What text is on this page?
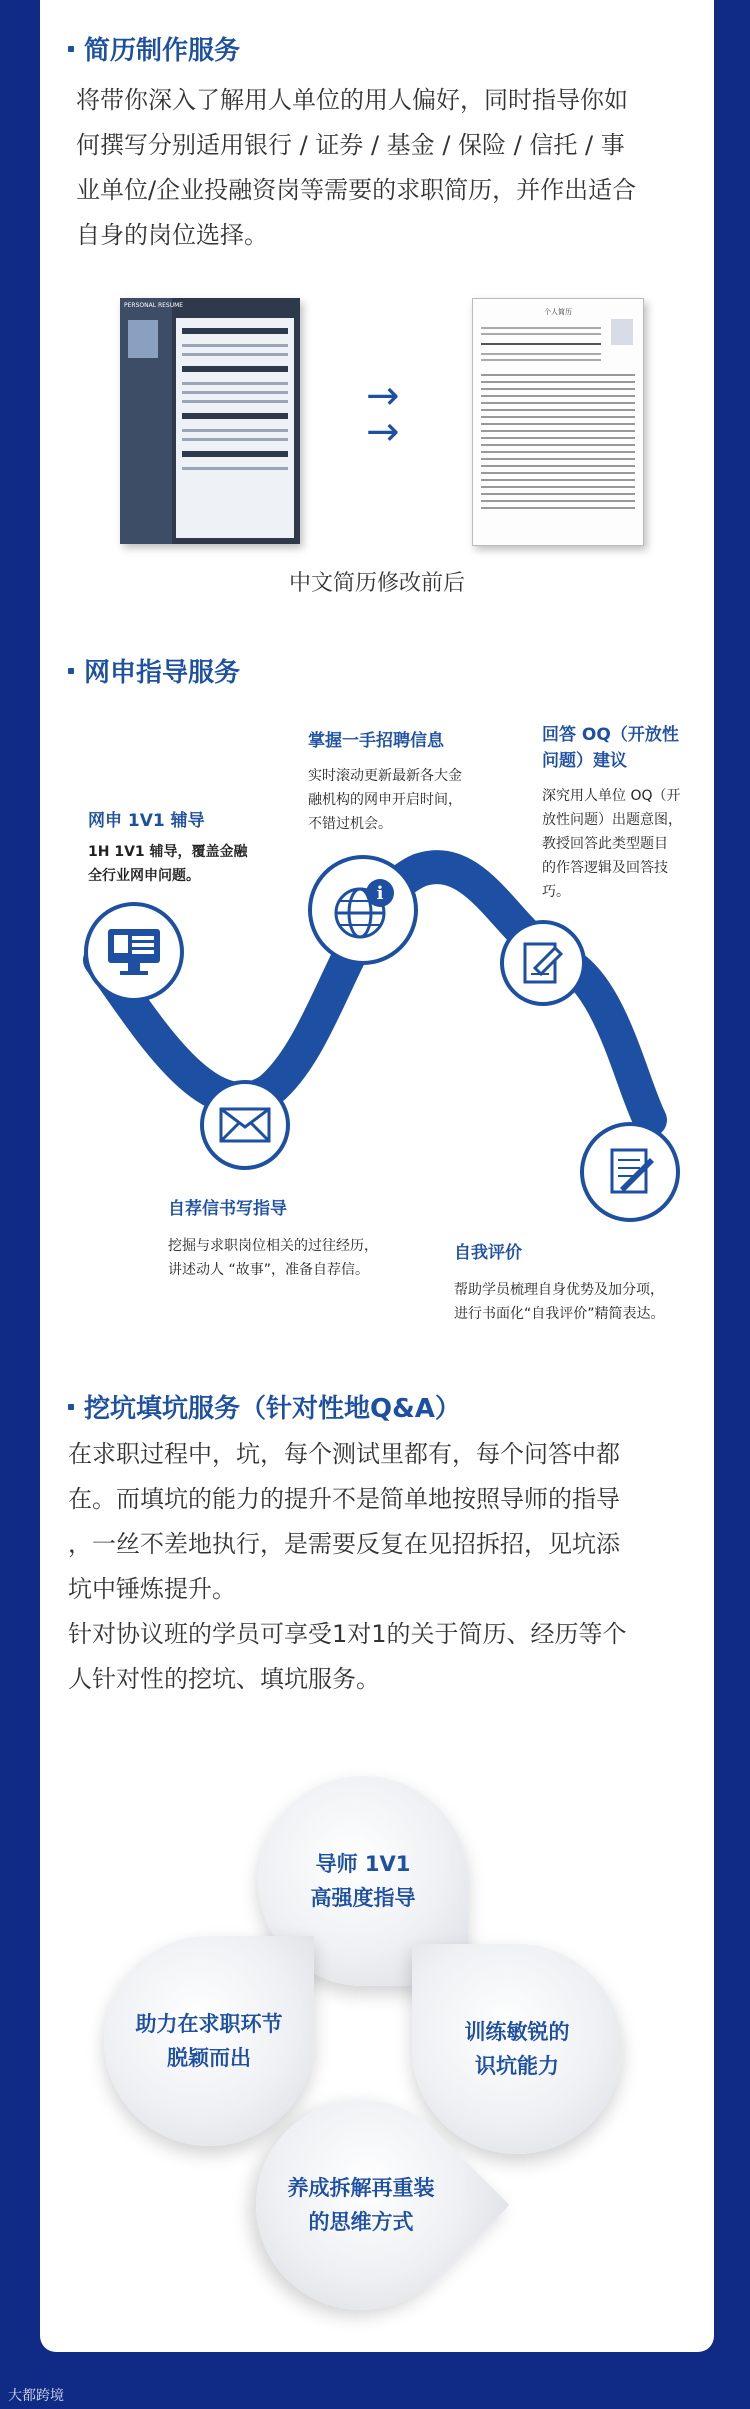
简历制作服务
将带你深入了解用人单位的用人偏好，同时指导你如
何撰写分别适用银行 / 证券 / 基金 / 保险 / 信托 / 事
业单位/企业投融资岗等需要的求职简历，并作出适合
自身的岗位选择。
PERSONAL RESUME
→
→
个人简历
中文简历修改前后
网申指导服务
i
网申 1V1 辅导
1H 1V1 辅导，覆盖金融
全行业网申问题。
掌握一手招聘信息
实时滚动更新最新各大金
融机构的网申开启时间，
不错过机会。
回答 OQ（开放性
问题）建议
深究用人单位 OQ（开
放性问题）出题意图，
教授回答此类型题目
的作答逻辑及回答技
巧。
自荐信书写指导
挖掘与求职岗位相关的过往经历，
讲述动人 “故事”，准备自荐信。
自我评价
帮助学员梳理自身优势及加分项，
进行书面化“自我评价”精简表达。
挖坑填坑服务（针对性地Q&A）
在求职过程中，坑，每个测试里都有，每个问答中都
在。而填坑的能力的提升不是简单地按照导师的指导
，一丝不差地执行，是需要反复在见招拆招，见坑添
坑中锤炼提升。
针对协议班的学员可享受1对1的关于简历、经历等个
人针对性的挖坑、填坑服务。
导师 1V1
高强度指导
助力在求职环节
脱颖而出
训练敏锐的
识坑能力
养成拆解再重装
的思维方式
大都跨境
